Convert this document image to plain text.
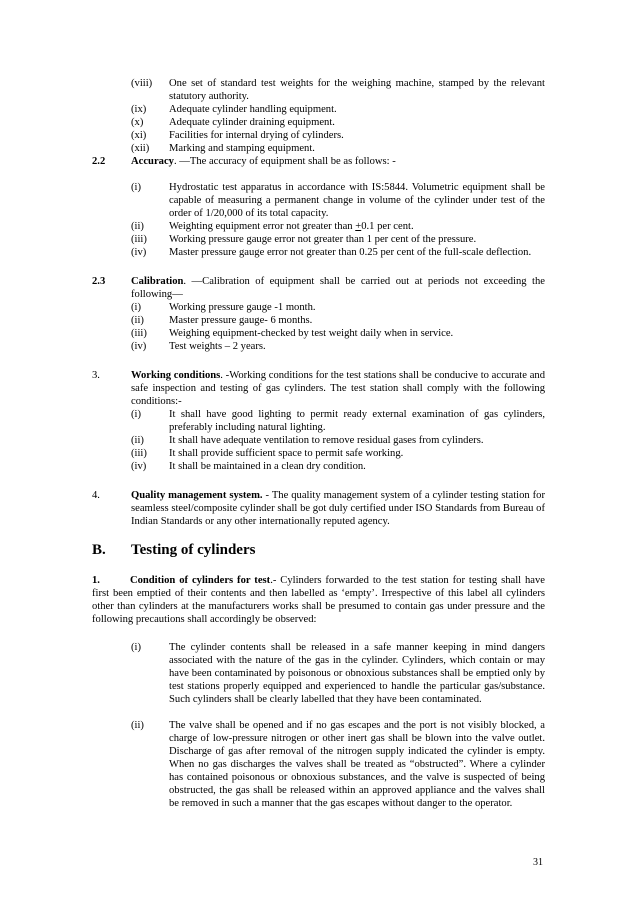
(viii) One set of standard test weights for the weighing machine, stamped by the relevant statutory authority.
(ix) Adequate cylinder handling equipment.
(x) Adequate cylinder draining equipment.
(xi) Facilities for internal drying of cylinders.
(xii) Marking and stamping equipment.
2.2 Accuracy. —The accuracy of equipment shall be as follows: -
(i)	Hydrostatic test apparatus in accordance with IS:5844. Volumetric equipment shall be capable of measuring a permanent change in volume of the cylinder under test of the order of 1/20,000 of its total capacity.
(ii) Weighting equipment error not greater than +0.1 per cent.
(iii) Working pressure gauge error not greater than 1 per cent of the pressure.
(iv) Master pressure gauge error not greater than 0.25 per cent of the full-scale deflection.
2.3 Calibration. —Calibration of equipment shall be carried out at periods not exceeding the following—
(i)	Working pressure gauge -1 month.
(ii) Master pressure gauge- 6 months.
(iii) Weighing equipment-checked by test weight daily when in service.
(iv) Test weights – 2 years.
3.	Working conditions. -Working conditions for the test stations shall be conducive to accurate and safe inspection and testing of gas cylinders. The test station shall comply with the following conditions:-
(i)	It shall have good lighting to permit ready external examination of gas cylinders, preferably including natural lighting.
(ii) It shall have adequate ventilation to remove residual gases from cylinders.
(iii) It shall provide sufficient space to permit safe working.
(iv) It shall be maintained in a clean dry condition.
4.	Quality management system. - The quality management system of a cylinder testing station for seamless steel/composite cylinder shall be got duly certified under ISO Standards from Bureau of Indian Standards or any other internationally reputed agency.
B. Testing of cylinders
1.	Condition of cylinders for test.- Cylinders forwarded to the test station for testing shall have first been emptied of their contents and then labelled as ‘empty’. Irrespective of this label all cylinders other than cylinders at the manufacturers works shall be presumed to contain gas under pressure and the following precautions shall accordingly be observed:
(i)	The cylinder contents shall be released in a safe manner keeping in mind dangers associated with the nature of the gas in the cylinder. Cylinders, which contain or may have been contaminated by poisonous or obnoxious substances shall be emptied only by test stations properly equipped and experienced to handle the particular gas/substance. Such cylinders shall be clearly labelled that they have been contaminated.
(ii) The valve shall be opened and if no gas escapes and the port is not visibly blocked, a charge of low-pressure nitrogen or other inert gas shall be blown into the valve outlet. Discharge of gas after removal of the nitrogen supply indicated the cylinder is empty. When no gas discharges the valves shall be treated as “obstructed”. Where a cylinder has contained poisonous or obnoxious substances, and the valve is suspected of being obstructed, the gas shall be released within an approved appliance and the valves shall be removed in such a manner that the gas escapes without danger to the operator.
31
